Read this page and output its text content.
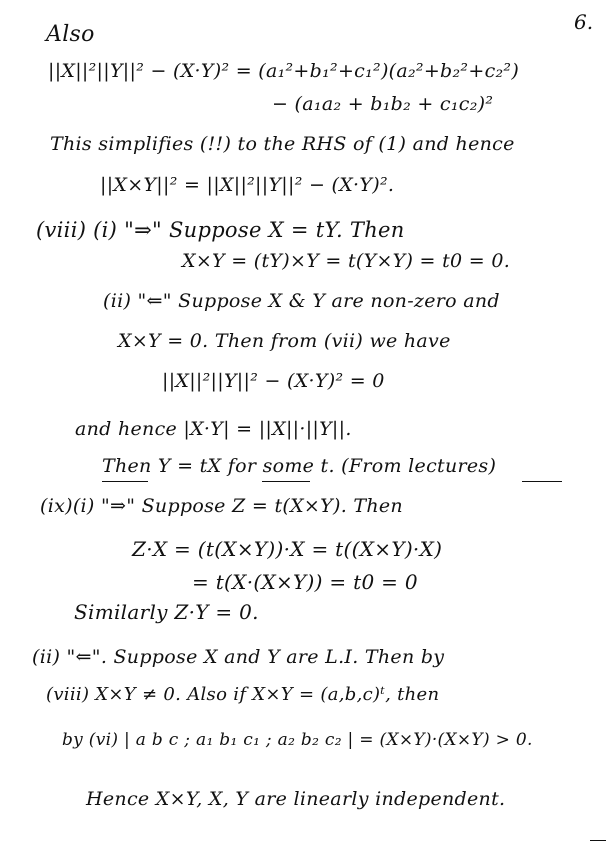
6.
Also
||X||²||Y||² − (X·Y)² = (a₁²+b₁²+c₁²)(a₂²+b₂²+c₂²)
− (a₁a₂ + b₁b₂ + c₁c₂)²
This simplifies (!!) to the RHS of (1) and hence
||X×Y||² = ||X||²||Y||² − (X·Y)².
(viii) (i) "⇒" Suppose X = tY. Then
X×Y = (tY)×Y = t(Y×Y) = t0 = 0.
(ii) "⇐" Suppose X & Y are non-zero and
X×Y = 0. Then from (vii) we have
||X||²||Y||² − (X·Y)² = 0
and hence |X·Y| = ||X||·||Y||.
Then Y = tX for some t. (From lectures)
(ix)(i) "⇒" Suppose Z = t(X×Y). Then
Z·X = (t(X×Y))·X = t((X×Y)·X)
= t(X·(X×Y)) = t0 = 0
Similarly Z·Y = 0.
(ii) "⇐". Suppose X and Y are L.I. Then by
(viii) X×Y ≠ 0. Also if X×Y = (a,b,c)ᵗ, then
by (vi) | a b c ; a₁ b₁ c₁ ; a₂ b₂ c₂ | = (X×Y)·(X×Y) > 0.
Hence X×Y, X, Y are linearly independent.
